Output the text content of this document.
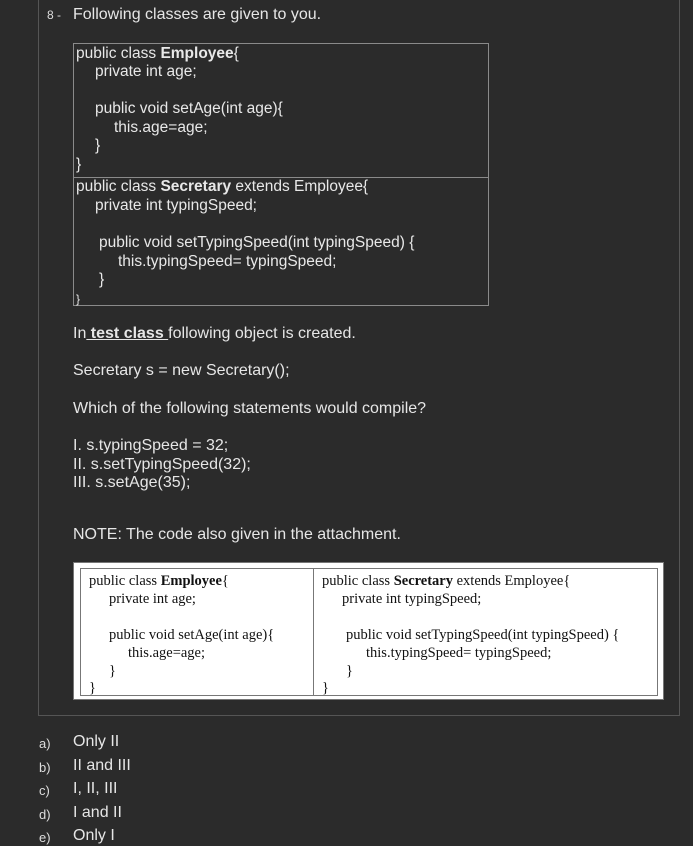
8 - Following classes are given to you.
public class Employee{
private int age;
public void setAge(int age){
this.age=age;
}
}
public class Secretary extends Employee{
private int typingSpeed;
public void setTypingSpeed(int typingSpeed) {
this.typingSpeed= typingSpeed;
}
}
In test class following object is created.
Secretary s = new Secretary();
Which of the following statements would compile?
I. s.typingSpeed = 32;
II. s.setTypingSpeed(32);
III. s.setAge(35);
NOTE: The code also given in the attachment.
public class Employee{
private int age;
public void setAge(int age){
this.age=age;
}
}
public class Secretary extends Employee{
private int typingSpeed;
public void setTypingSpeed(int typingSpeed) {
this.typingSpeed= typingSpeed;
}
}
a) Only II
b) II and III
c) I, II, III
d) I and II
e) Only I
